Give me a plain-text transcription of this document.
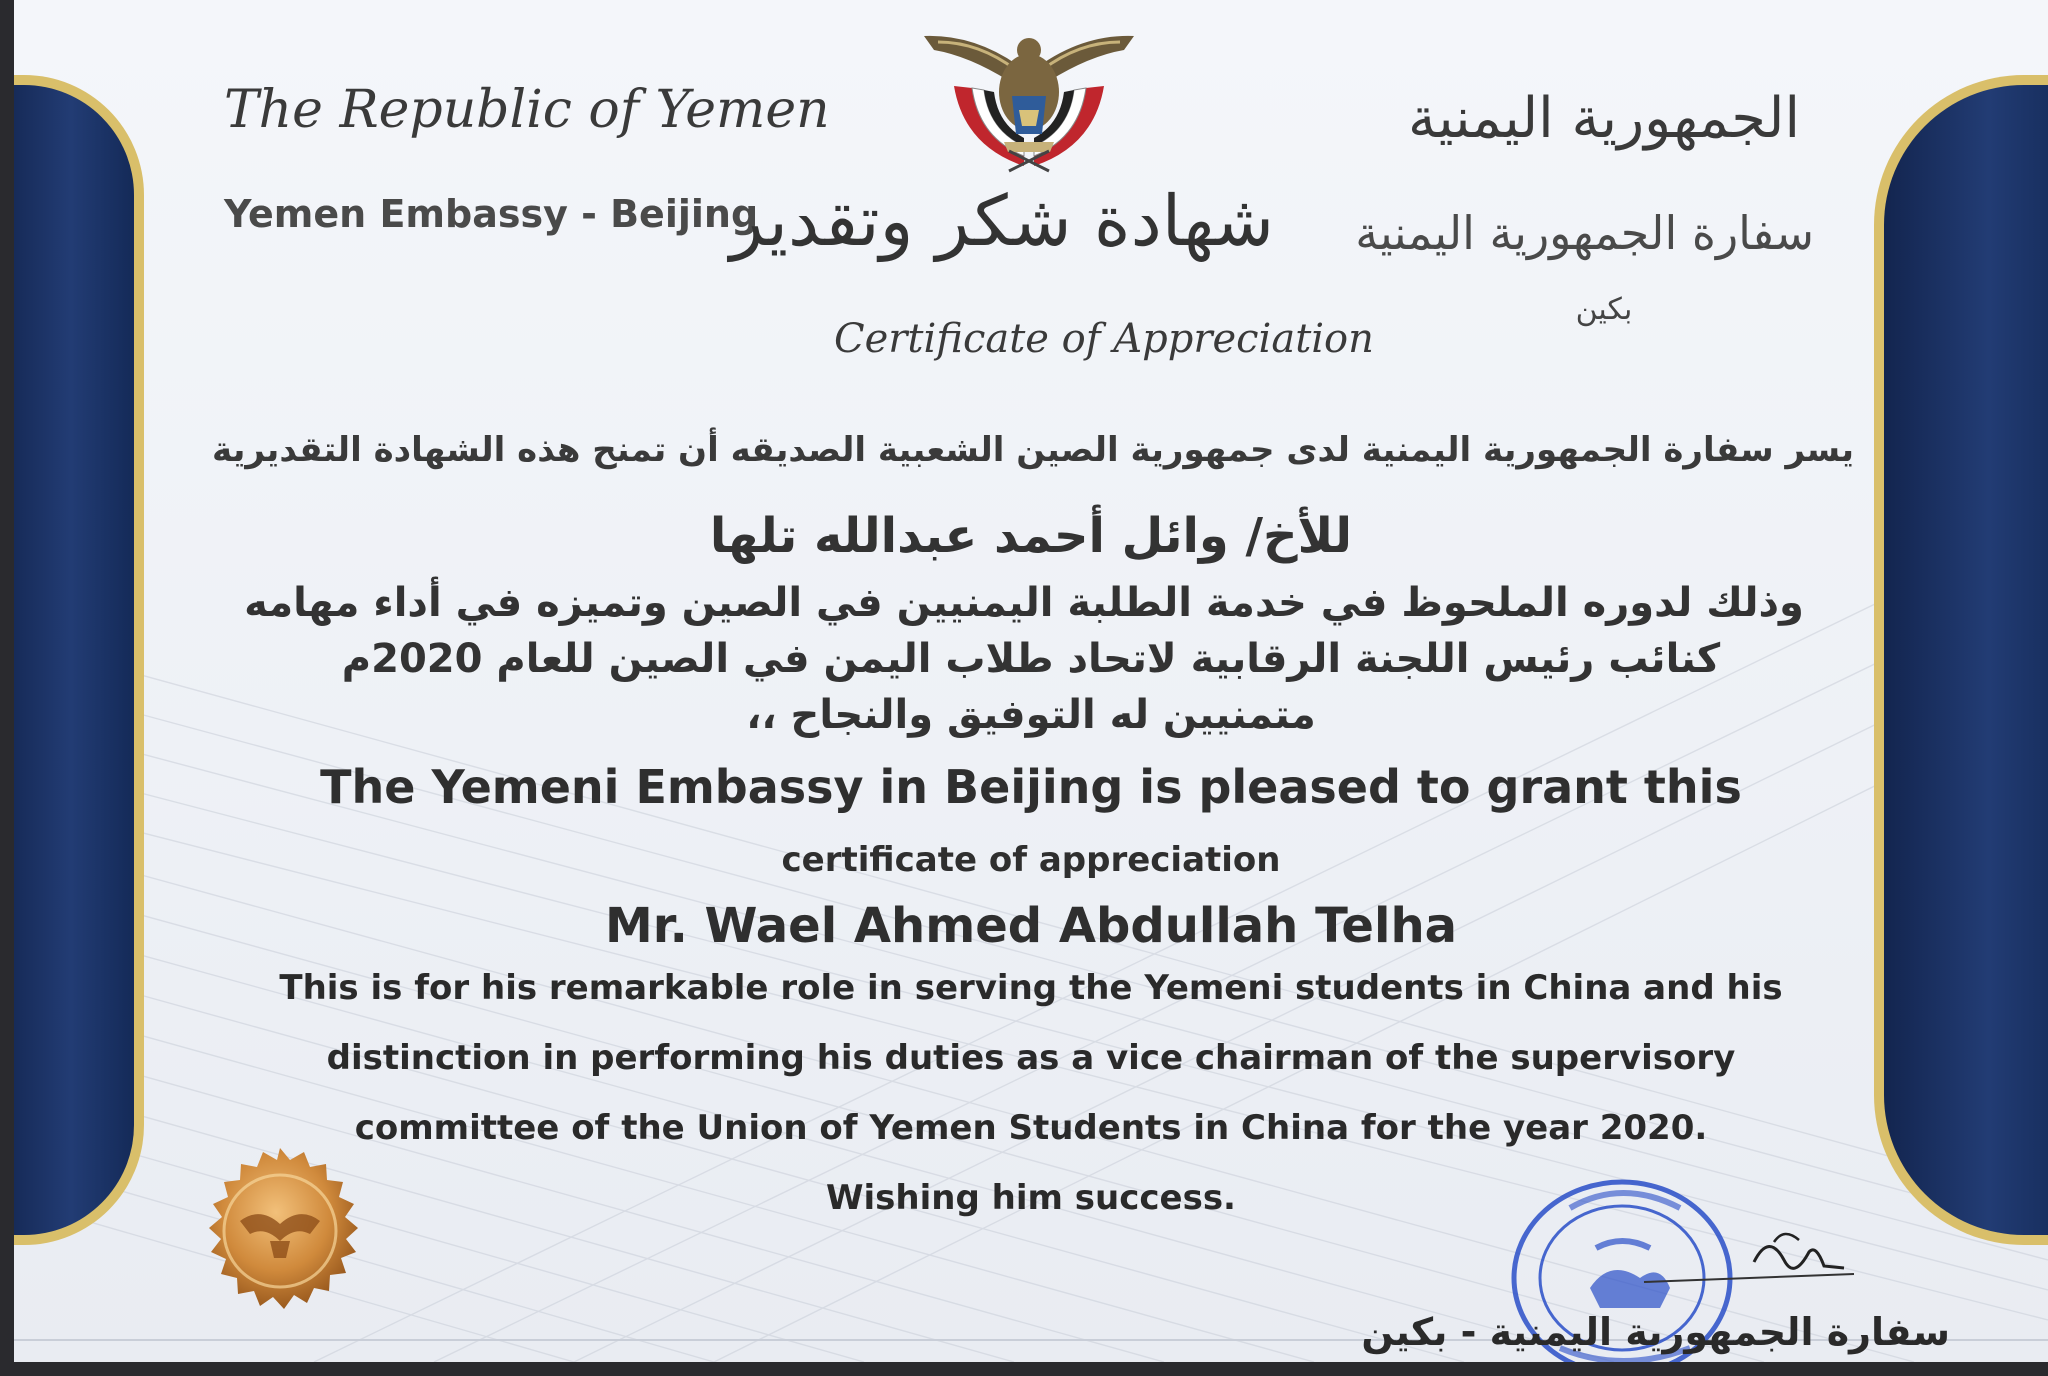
The Republic of Yemen

Yemen Embassy - Beijing

الجمهورية اليمنية

سفارة الجمهورية اليمنية

بكين

شهادة شكر وتقدير

Certificate of Appreciation

يسر سفارة الجمهورية اليمنية لدى جمهورية الصين الشعبية الصديقه أن تمنح هذه الشهادة التقديرية

للأخ/ وائل أحمد عبدالله تلها

وذلك لدوره الملحوظ في خدمة الطلبة اليمنيين في الصين وتميزه في أداء مهامه

كنائب رئيس اللجنة الرقابية لاتحاد طلاب اليمن في الصين للعام 2020م

متمنيين له التوفيق والنجاح ،،

The Yemeni Embassy in Beijing is pleased to grant this

certificate of appreciation

Mr. Wael Ahmed Abdullah Telha

This is for his remarkable role in serving the Yemeni students in China and his

distinction in performing his duties as a vice chairman of the supervisory

committee of the Union of Yemen Students in China for the year 2020.

Wishing him success.

سفارة الجمهورية اليمنية - بكين
